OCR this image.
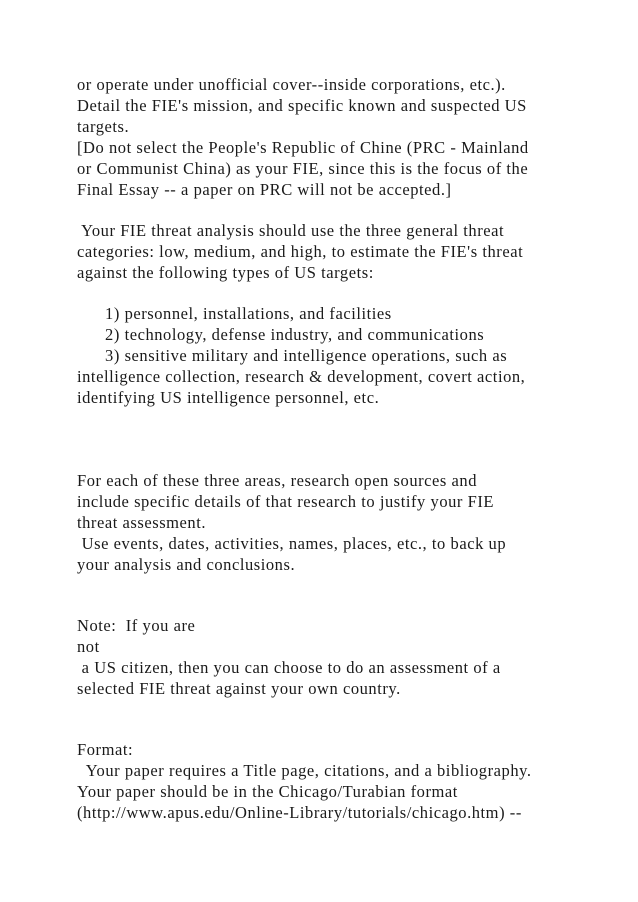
or operate under unofficial cover--inside corporations, etc.).

Detail the FIE's mission, and specific known and suspected US

targets.

[Do not select the People's Republic of Chine (PRC - Mainland

or Communist China) as your FIE, since this is the focus of the

Final Essay -- a paper on PRC will not be accepted.]

Your FIE threat analysis should use the three general threat

categories: low, medium, and high, to estimate the FIE's threat

against the following types of US targets:

1) personnel, installations, and facilities

2) technology, defense industry, and communications

3) sensitive military and intelligence operations, such as

intelligence collection, research & development, covert action,

identifying US intelligence personnel, etc.

For each of these three areas, research open sources and

include specific details of that research to justify your FIE

threat assessment.

Use events, dates, activities, names, places, etc., to back up

your analysis and conclusions.

Note:  If you are

not

a US citizen, then you can choose to do an assessment of a

selected FIE threat against your own country.

Format:

Your paper requires a Title page, citations, and a bibliography.

Your paper should be in the Chicago/Turabian format

(http://www.apus.edu/Online-Library/tutorials/chicago.htm) --
